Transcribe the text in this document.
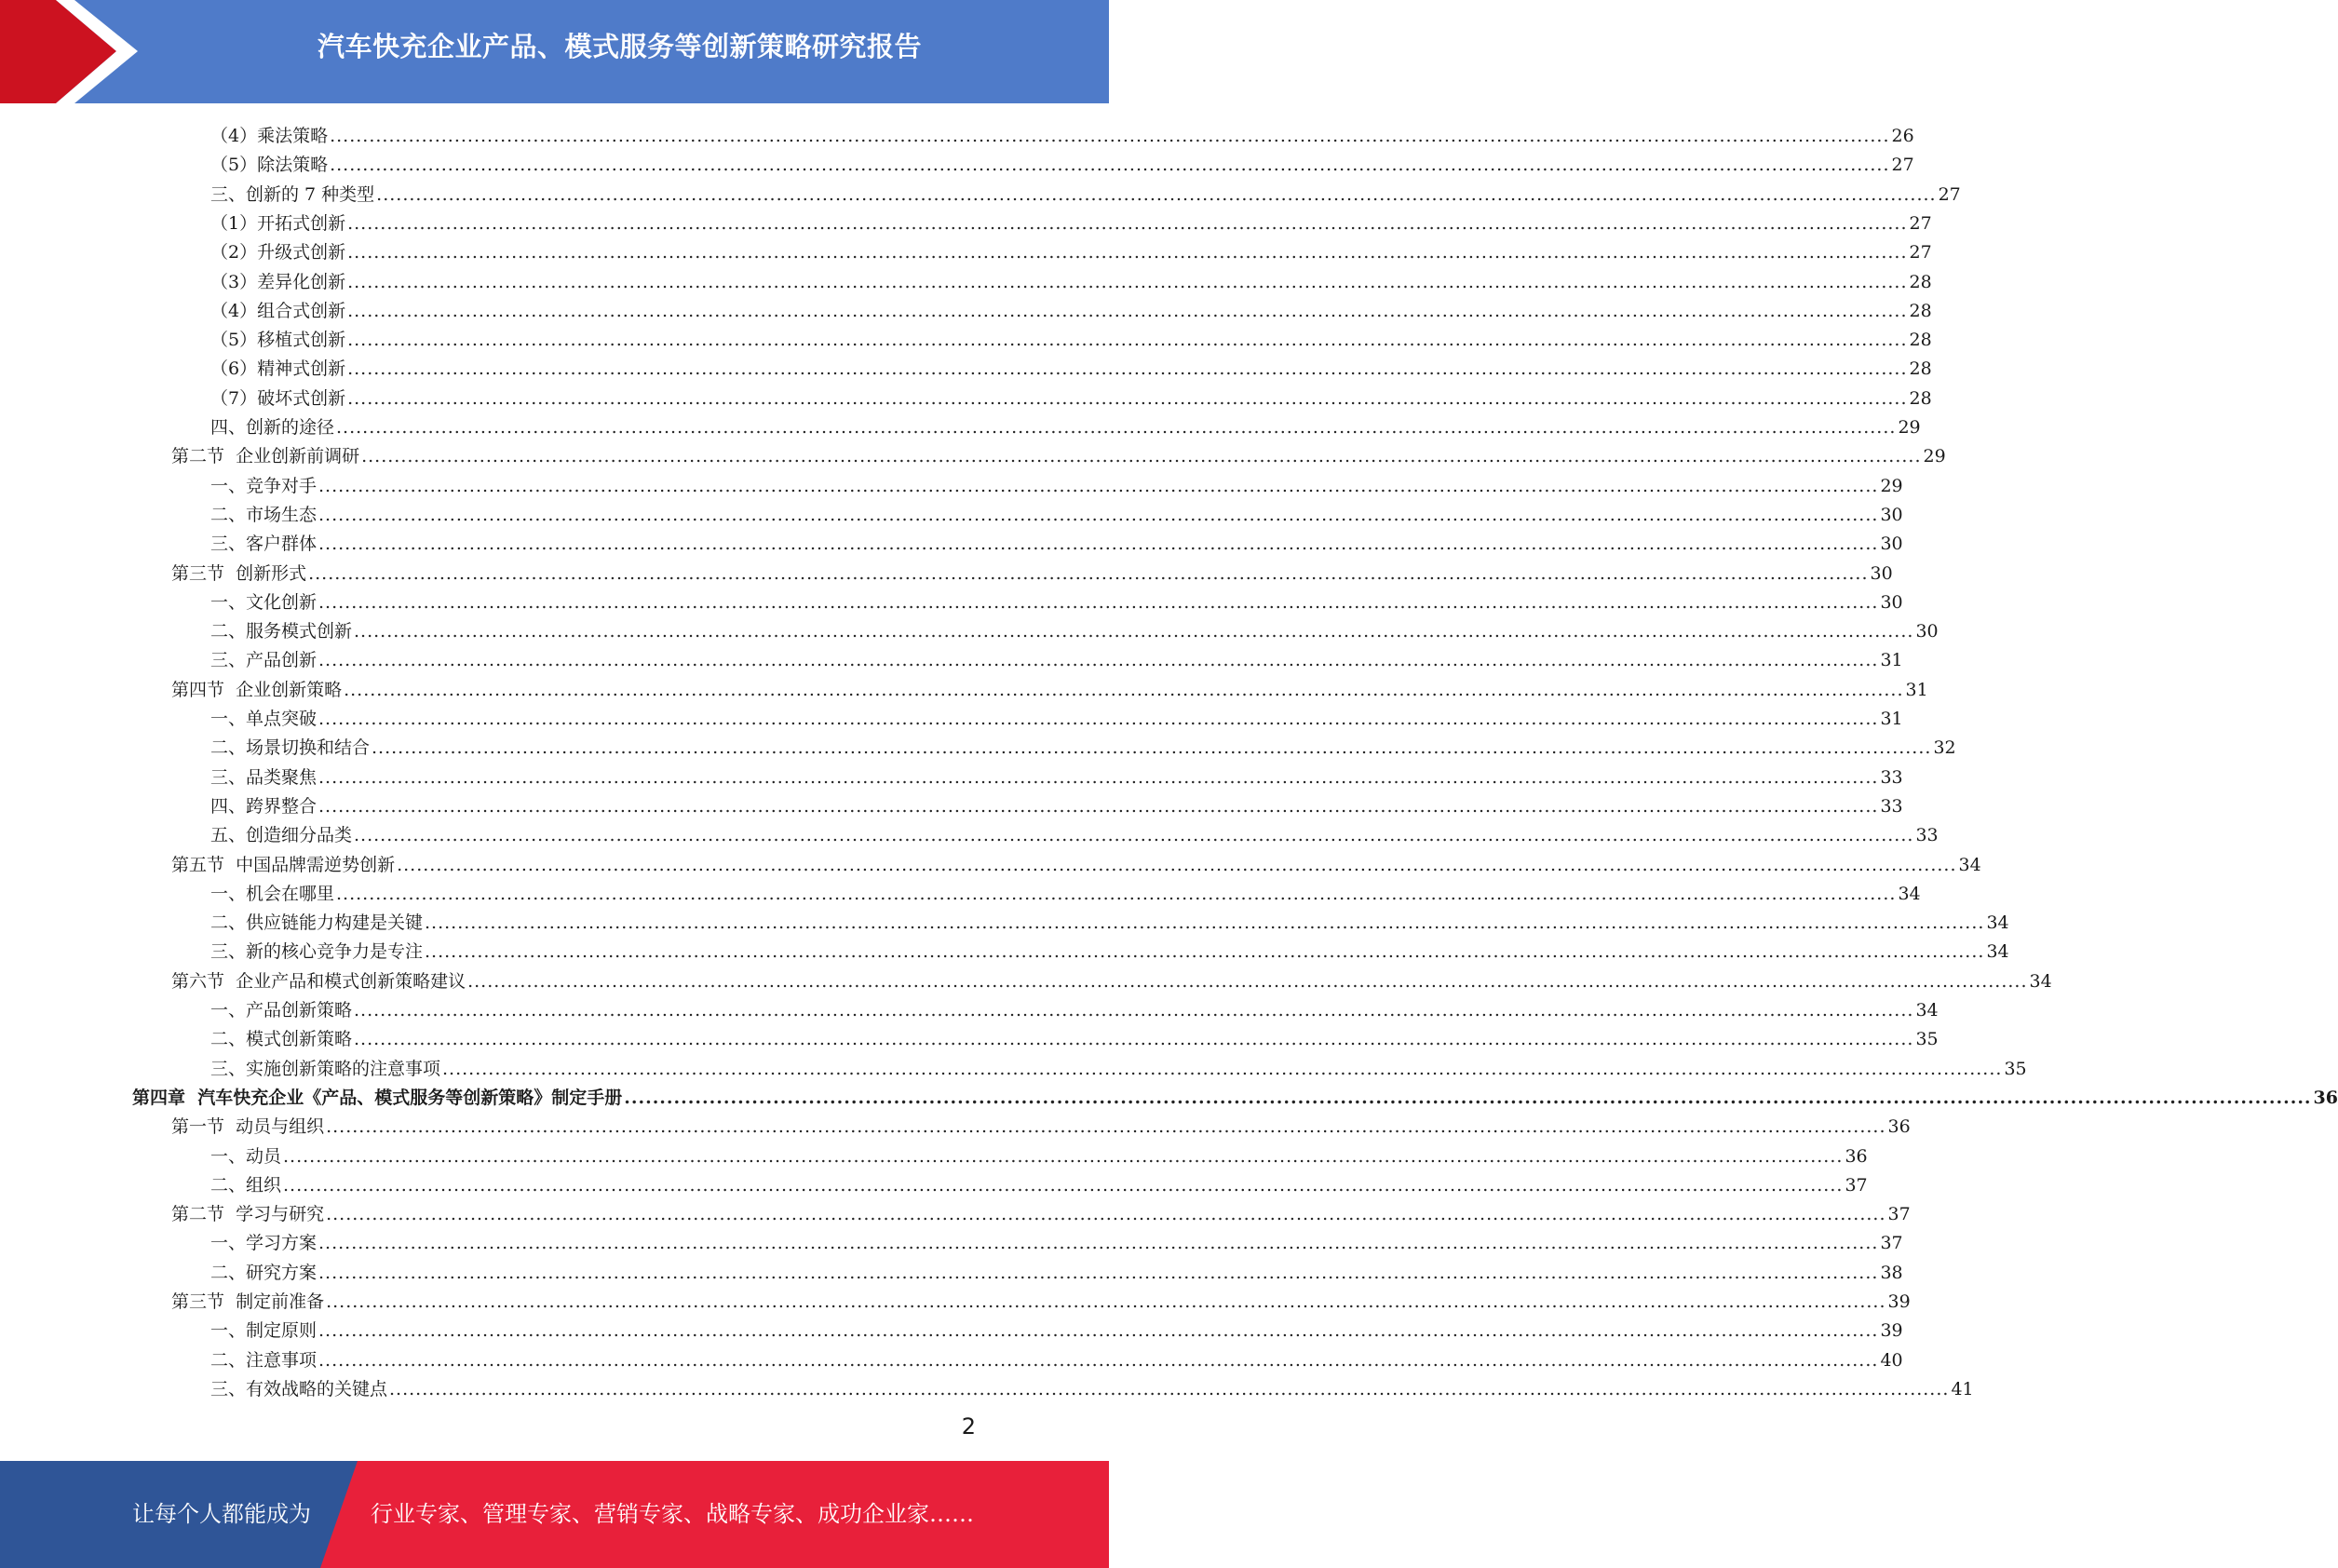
汽车快充企业产品、模式服务等创新策略研究报告
（4）乘法策略 .............................................................................................................................................................................................................................................. 26
（5）除法策略 .............................................................................................................................................................................................................................................. 27
三、创新的 7 种类型 .............................................................................................................................................................................................................................................. 27
（1）开拓式创新 .............................................................................................................................................................................................................................................. 27
（2）升级式创新 .............................................................................................................................................................................................................................................. 27
（3）差异化创新 .............................................................................................................................................................................................................................................. 28
（4）组合式创新 .............................................................................................................................................................................................................................................. 28
（5）移植式创新 .............................................................................................................................................................................................................................................. 28
（6）精神式创新 .............................................................................................................................................................................................................................................. 28
（7）破坏式创新 .............................................................................................................................................................................................................................................. 28
四、创新的途径 .............................................................................................................................................................................................................................................. 29
第二节  企业创新前调研 .............................................................................................................................................................................................................................................. 29
一、竞争对手 .............................................................................................................................................................................................................................................. 29
二、市场生态 .............................................................................................................................................................................................................................................. 30
三、客户群体 .............................................................................................................................................................................................................................................. 30
第三节  创新形式 .............................................................................................................................................................................................................................................. 30
一、文化创新 .............................................................................................................................................................................................................................................. 30
二、服务模式创新 .............................................................................................................................................................................................................................................. 30
三、产品创新 .............................................................................................................................................................................................................................................. 31
第四节  企业创新策略 .............................................................................................................................................................................................................................................. 31
一、单点突破 .............................................................................................................................................................................................................................................. 31
二、场景切换和结合 .............................................................................................................................................................................................................................................. 32
三、品类聚焦 .............................................................................................................................................................................................................................................. 33
四、跨界整合 .............................................................................................................................................................................................................................................. 33
五、创造细分品类 .............................................................................................................................................................................................................................................. 33
第五节  中国品牌需逆势创新 .............................................................................................................................................................................................................................................. 34
一、机会在哪里 .............................................................................................................................................................................................................................................. 34
二、供应链能力构建是关键 .............................................................................................................................................................................................................................................. 34
三、新的核心竞争力是专注 .............................................................................................................................................................................................................................................. 34
第六节  企业产品和模式创新策略建议 .............................................................................................................................................................................................................................................. 34
一、产品创新策略 .............................................................................................................................................................................................................................................. 34
二、模式创新策略 .............................................................................................................................................................................................................................................. 35
三、实施创新策略的注意事项 .............................................................................................................................................................................................................................................. 35
第四章  汽车快充企业《产品、模式服务等创新策略》制定手册 .............................................................................................................................................................................................................................................. 36
第一节  动员与组织 .............................................................................................................................................................................................................................................. 36
一、动员 .............................................................................................................................................................................................................................................. 36
二、组织 .............................................................................................................................................................................................................................................. 37
第二节  学习与研究 .............................................................................................................................................................................................................................................. 37
一、学习方案 .............................................................................................................................................................................................................................................. 37
二、研究方案 .............................................................................................................................................................................................................................................. 38
第三节  制定前准备 .............................................................................................................................................................................................................................................. 39
一、制定原则 .............................................................................................................................................................................................................................................. 39
二、注意事项 .............................................................................................................................................................................................................................................. 40
三、有效战略的关键点 .............................................................................................................................................................................................................................................. 41
2
让每个人都能成为	行业专家、管理专家、营销专家、战略专家、成功企业家……
